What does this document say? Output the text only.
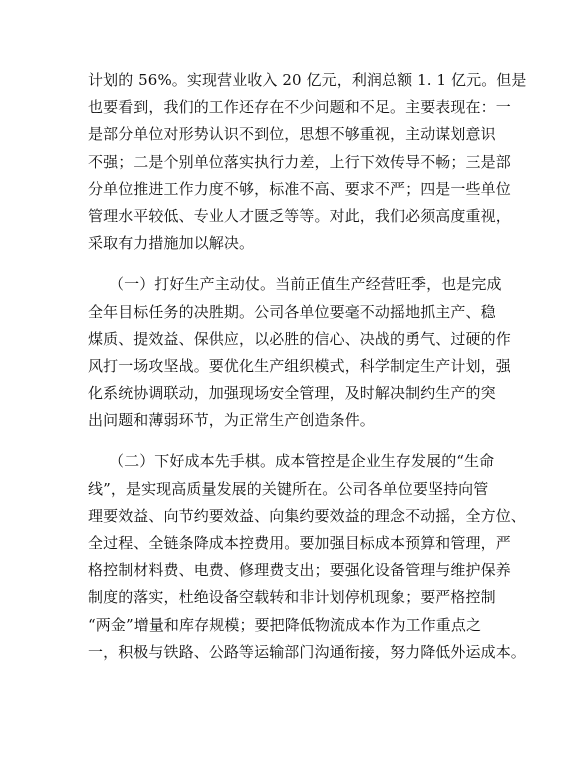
计划的 56%。实现营业收入 20 亿元，利润总额 1. 1 亿元。但是
也要看到，我们的工作还存在不少问题和不足。主要表现在：一
是部分单位对形势认识不到位，思想不够重视，主动谋划意识
不强；二是个别单位落实执行力差，上行下效传导不畅；三是部
分单位推进工作力度不够，标准不高、要求不严；四是一些单位
管理水平较低、专业人才匮乏等等。对此，我们必须高度重视，
采取有力措施加以解决。
（一）打好生产主动仗。当前正值生产经营旺季，也是完成
全年目标任务的决胜期。公司各单位要毫不动摇地抓主产、稳
煤质、提效益、保供应，以必胜的信心、决战的勇气、过硬的作
风打一场攻坚战。要优化生产组织模式，科学制定生产计划，强
化系统协调联动，加强现场安全管理，及时解决制约生产的突
出问题和薄弱环节，为正常生产创造条件。
（二）下好成本先手棋。成本管控是企业生存发展的“生命
线”，是实现高质量发展的关键所在。公司各单位要坚持向管
理要效益、向节约要效益、向集约要效益的理念不动摇，全方位、
全过程、全链条降成本控费用。要加强目标成本预算和管理，严
格控制材料费、电费、修理费支出；要强化设备管理与维护保养
制度的落实，杜绝设备空载转和非计划停机现象；要严格控制
“两金”增量和库存规模；要把降低物流成本作为工作重点之
一，积极与铁路、公路等运输部门沟通衔接，努力降低外运成本。
